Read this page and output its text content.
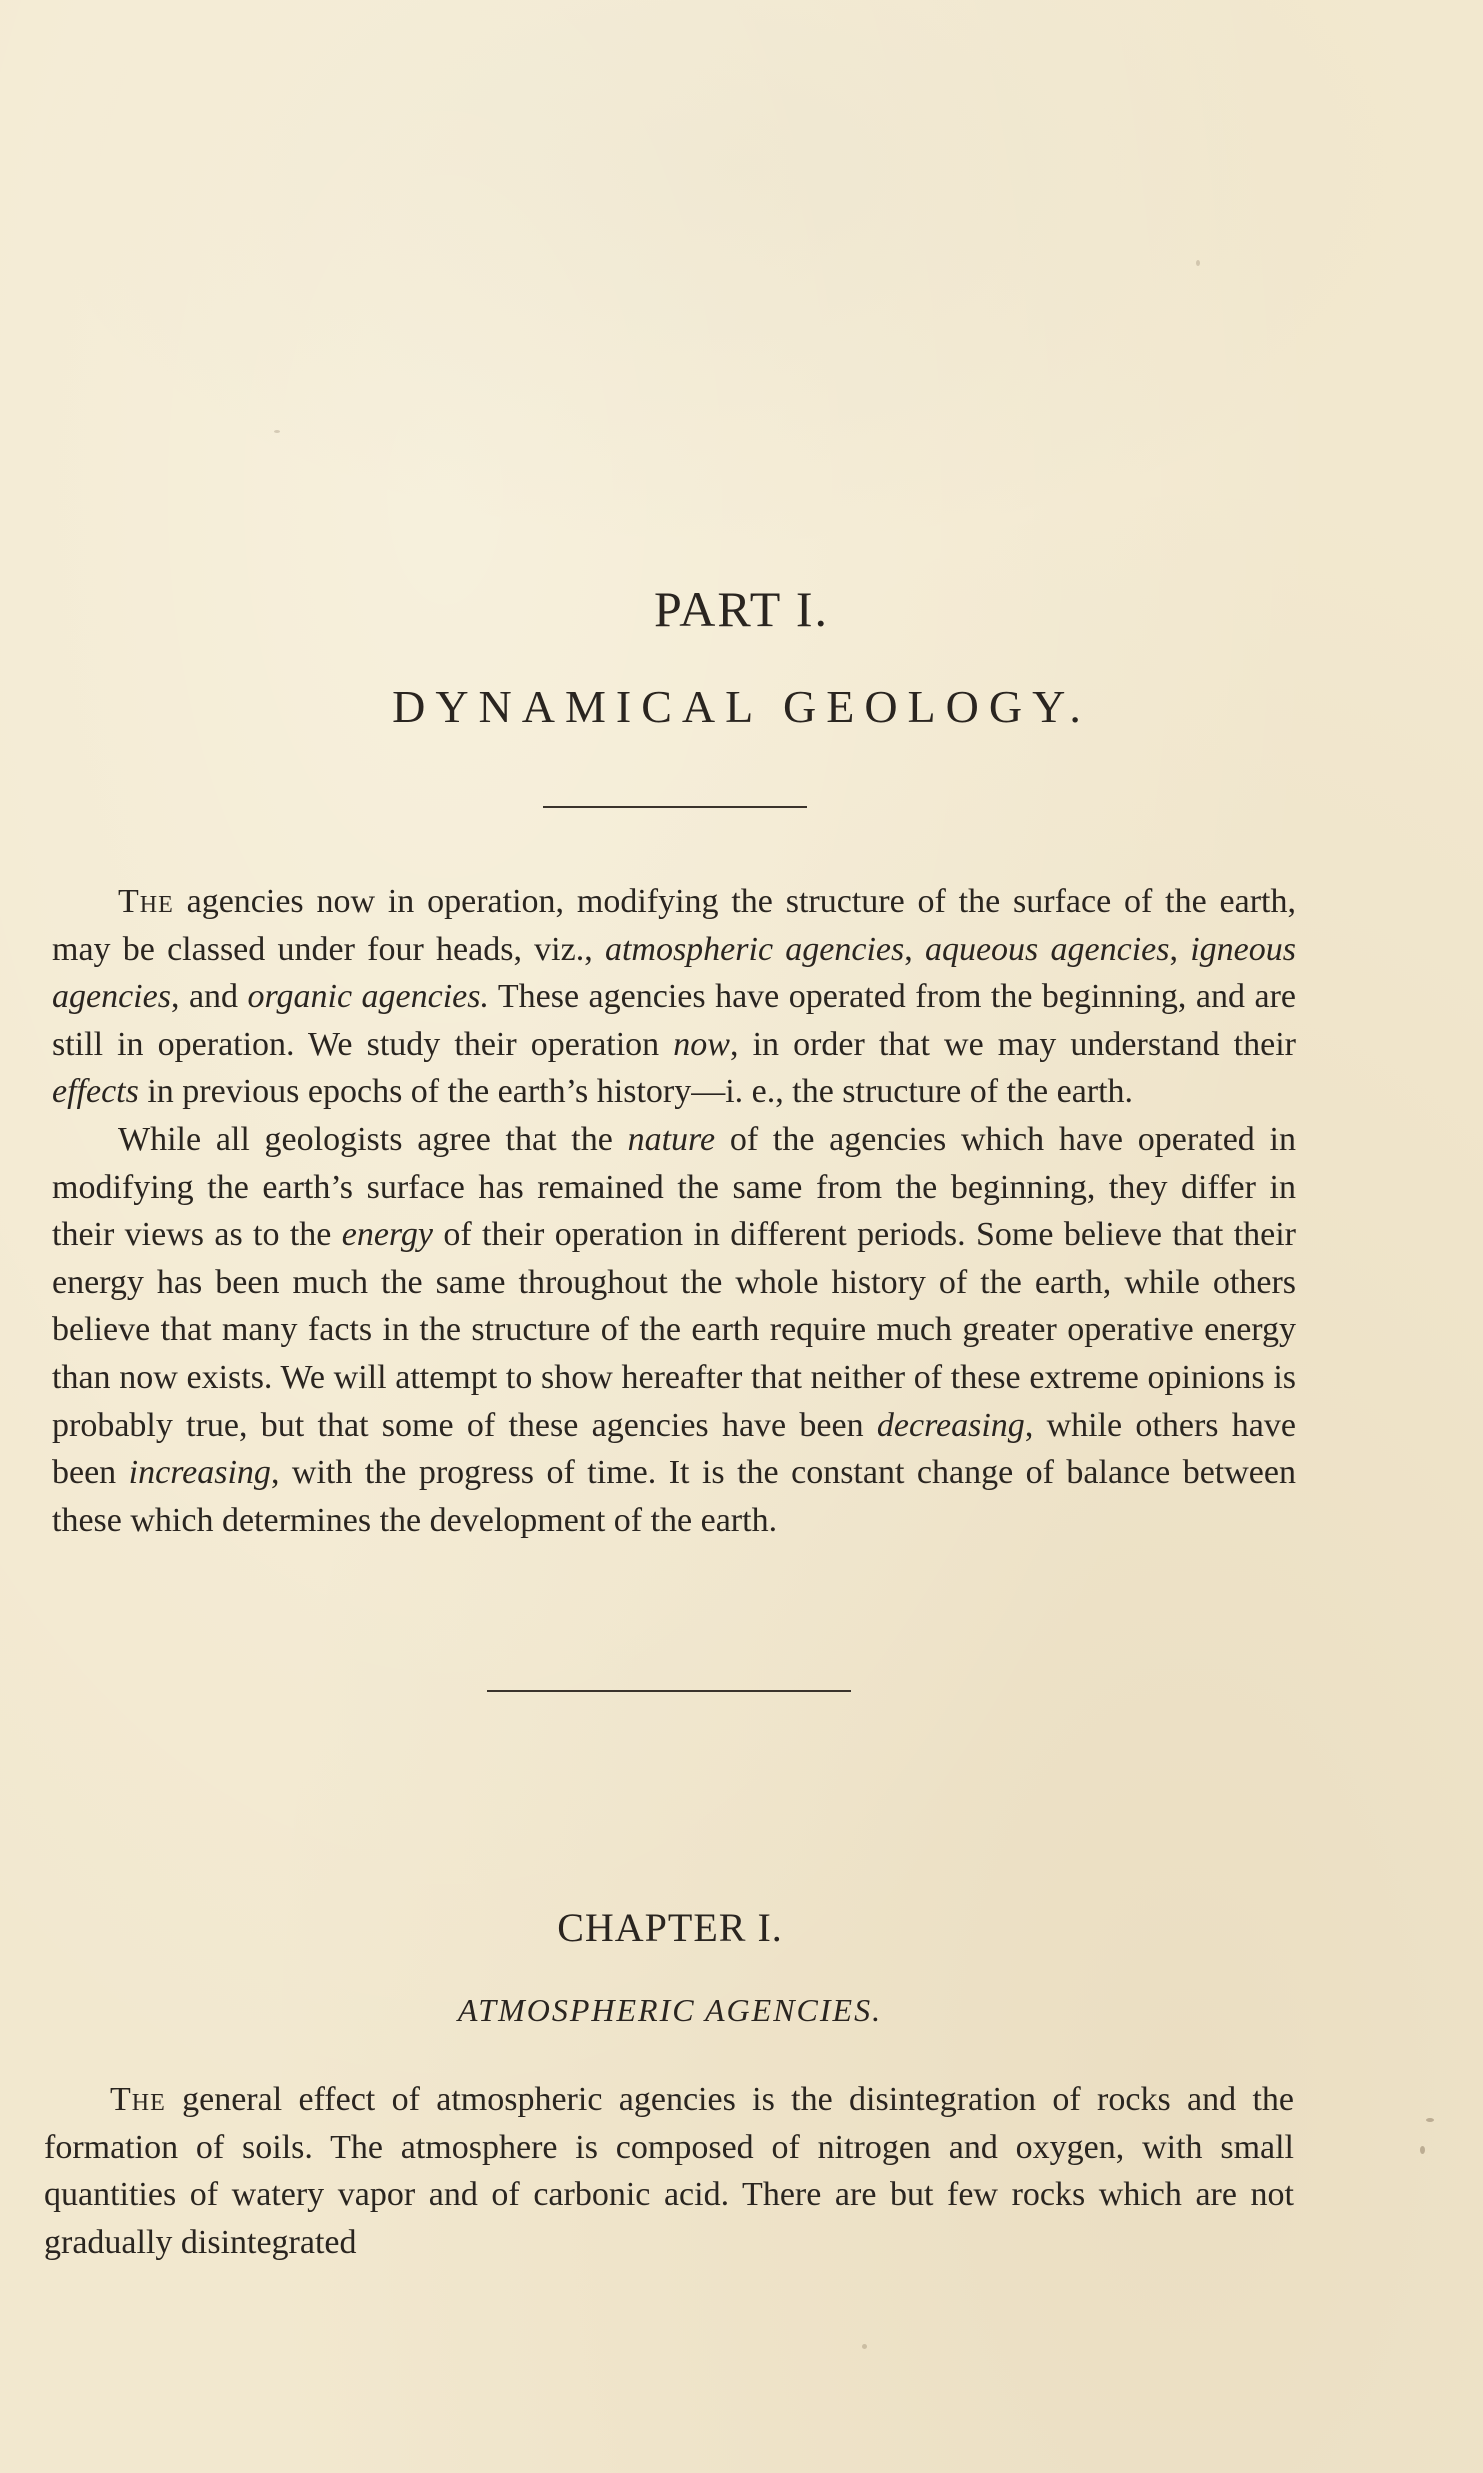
PART I.
DYNAMICAL GEOLOGY.

The agencies now in operation, modifying the structure of the surface of the earth, may be classed under four heads, viz., atmospheric agencies, aqueous agencies, igneous agencies, and organic agencies. These agencies have operated from the beginning, and are still in operation. We study their operation now, in order that we may understand their effects in previous epochs of the earth’s history—i. e., the structure of the earth.

While all geologists agree that the nature of the agencies which have operated in modifying the earth’s surface has remained the same from the beginning, they differ in their views as to the energy of their operation in different periods. Some believe that their energy has been much the same throughout the whole history of the earth, while others believe that many facts in the structure of the earth require much greater operative energy than now exists. We will attempt to show hereafter that neither of these extreme opinions is probably true, but that some of these agencies have been decreasing, while others have been increasing, with the progress of time. It is the constant change of balance between these which determines the development of the earth.

CHAPTER I.
ATMOSPHERIC AGENCIES.

The general effect of atmospheric agencies is the disintegration of rocks and the formation of soils. The atmosphere is composed of nitrogen and oxygen, with small quantities of watery vapor and of carbonic acid. There are but few rocks which are not gradually disintegrated
